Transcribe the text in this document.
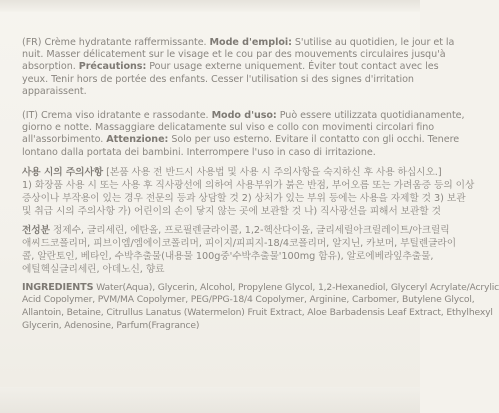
(FR) Crème hydratante raffermissante. Mode d'emploi: S'utilise au quotidien, le jour et la
nuit. Masser délicatement sur le visage et le cou par des mouvements circulaires jusqu'à
absorption. Précautions: Pour usage externe uniquement. Éviter tout contact avec les
yeux. Tenir hors de portée des enfants. Cesser l'utilisation si des signes d'irritation
apparaissent.
(IT) Crema viso idratante e rassodante. Modo d'uso: Può essere utilizzata quotidianamente,
giorno e notte. Massaggiare delicatamente sul viso e collo con movimenti circolari fino
all'assorbimento. Attenzione: Solo per uso esterno. Evitare il contatto con gli occhi. Tenere
lontano dalla portata dei bambini. Interrompere l'uso in caso di irritazione.
사용 시의 주의사항 [본품 사용 전 반드시 사용법 및 사용 시 주의사항을 숙지하신 후 사용 하십시오.]
1) 화장품 사용 시 또는 사용 후 직사광선에 의하여 사용부위가 붉은 반점, 부어오름 또는 가려움증 등의 이상
증상이나 부작용이 있는 경우 전문의 등과 상담할 것 2) 상처가 있는 부위 등에는 사용을 자제할 것 3) 보관
및 취급 시의 주의사항 가) 어린이의 손이 닿지 않는 곳에 보관할 것 나) 직사광선을 피해서 보관할 것
전성분 정제수, 글리세린, 에탄올, 프로필렌글라이콜, 1,2-헥산다이올, 글리세릴아크릴레이트/아크릴릭
애씨드코폴리머, 피브이엠/엠에이코폴리머, 피이지/피피지-18/4코폴리머, 알지닌, 카보머, 부틸렌글라이
콜, 알란토인, 베타인, 수박추출물(내용물 100g중'수박추출물'100mg 함유), 알로에베라잎추출물,
에틸헥실글리세린, 아데노신, 향료
INGREDIENTS Water(Aqua), Glycerin, Alcohol, Propylene Glycol, 1,2-Hexanediol, Glyceryl Acrylate/Acrylic
Acid Copolymer, PVM/MA Copolymer, PEG/PPG-18/4 Copolymer, Arginine, Carbomer, Butylene Glycol,
Allantoin, Betaine, Citrullus Lanatus (Watermelon) Fruit Extract, Aloe Barbadensis Leaf Extract, Ethylhexyl
Glycerin, Adenosine, Parfum(Fragrance)
